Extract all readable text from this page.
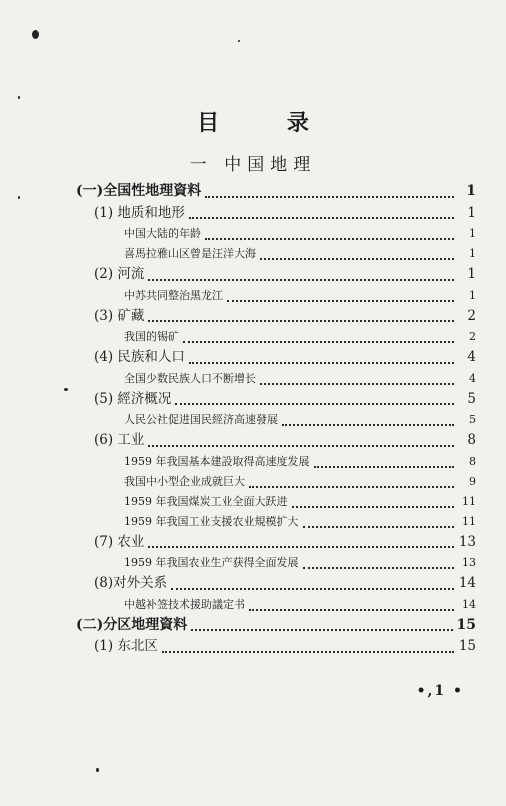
目 录
一 中国地理
(一)全国性地理資料	1
(1) 地质和地形	1
中国大陆的年龄	1
喜馬拉雅山区曾是汪洋大海	1
(2) 河流	1
中苏共同整治黑龙江	1
(3) 矿藏	2
我国的锡矿	2
(4) 民族和人口	4
全国少数民族人口不断增长	4
(5) 經济概况	5
人民公社促进国民經济高速發展	5
(6) 工业	8
1959 年我国基本建設取得高速度发展	8
我国中小型企业成就巨大	9
1959 年我国煤炭工业全面大跃进	11
1959 年我国工业支援农业規模扩大	11
(7) 农业	13
1959 年我国农业生产获得全面发展	13
(8)对外关系	14
中越补签技术援助議定书	14
(二)分区地理資料	15
(1) 东北区	15
•,1 •
